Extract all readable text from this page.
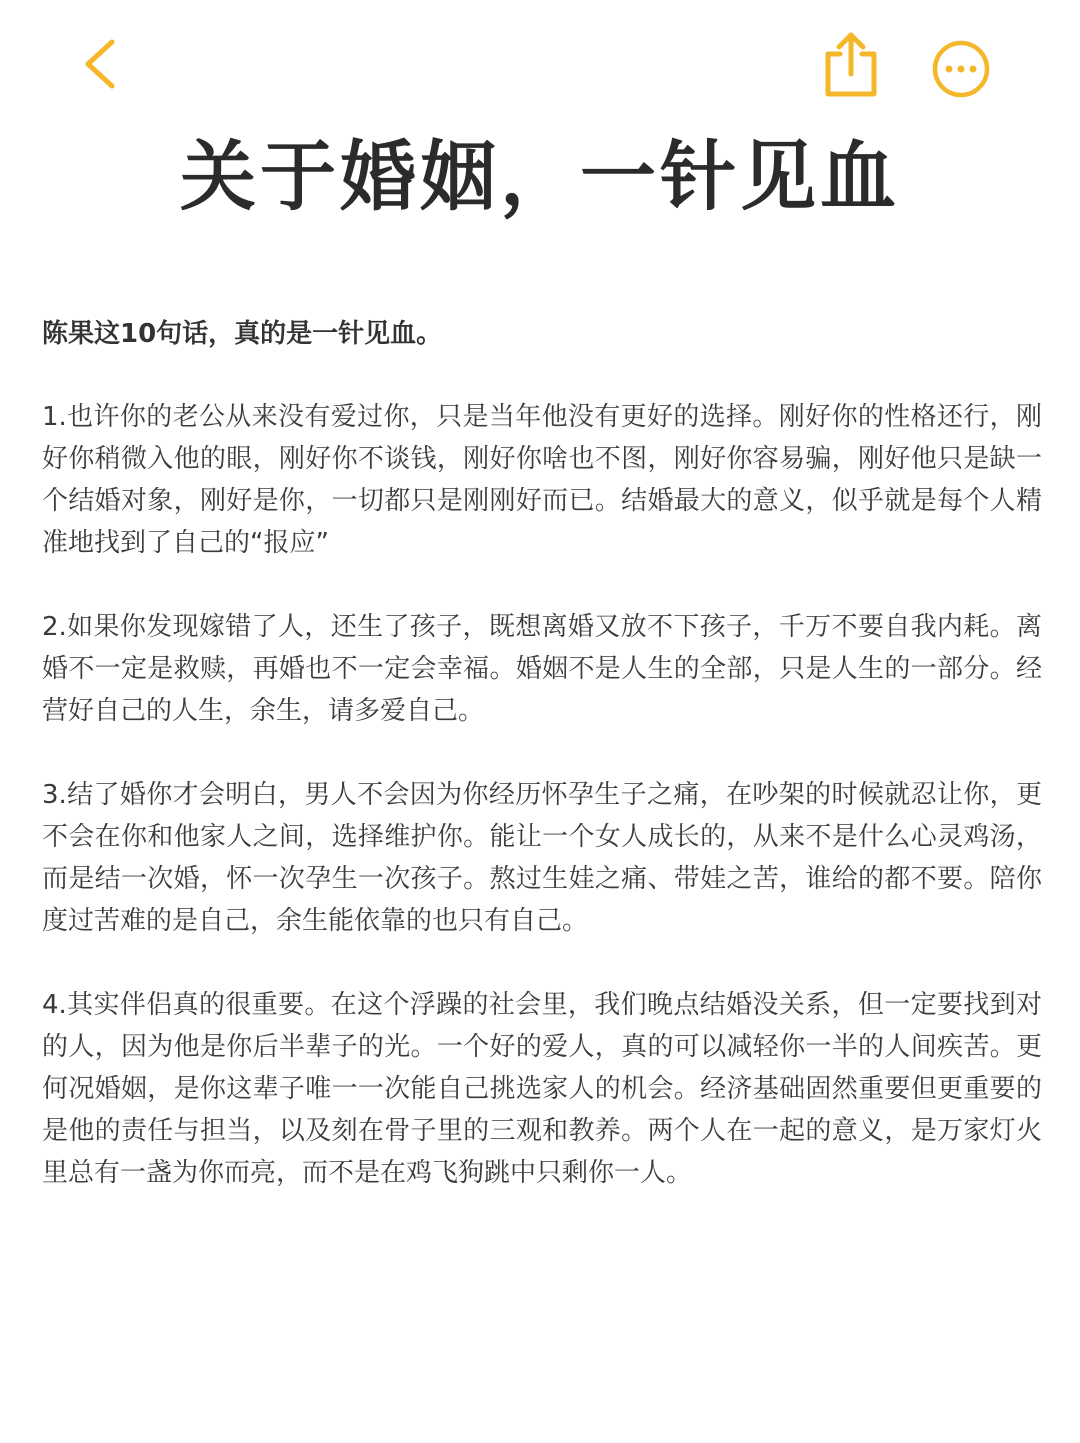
关于婚姻，一针见血

陈果这10句话，真的是一针见血。

1.也许你的老公从来没有爱过你，只是当年他没有更好的选择。刚好你的性格还行，刚好你稍微入他的眼，刚好你不谈钱，刚好你啥也不图，刚好你容易骗，刚好他只是缺一个结婚对象，刚好是你，一切都只是刚刚好而已。结婚最大的意义，似乎就是每个人精准地找到了自己的“报应”

2.如果你发现嫁错了人，还生了孩子，既想离婚又放不下孩子，千万不要自我内耗。离婚不一定是救赎，再婚也不一定会幸福。婚姻不是人生的全部，只是人生的一部分。经营好自己的人生，余生，请多爱自己。

3.结了婚你才会明白，男人不会因为你经历怀孕生子之痛，在吵架的时候就忍让你，更不会在你和他家人之间，选择维护你。能让一个女人成长的，从来不是什么心灵鸡汤，而是结一次婚，怀一次孕生一次孩子。熬过生娃之痛、带娃之苦，谁给的都不要。陪你度过苦难的是自己，余生能依靠的也只有自己。

4.其实伴侣真的很重要。在这个浮躁的社会里，我们晚点结婚没关系，但一定要找到对的人，因为他是你后半辈子的光。一个好的爱人，真的可以减轻你一半的人间疾苦。更何况婚姻，是你这辈子唯一一次能自己挑选家人的机会。经济基础固然重要但更重要的是他的责任与担当，以及刻在骨子里的三观和教养。两个人在一起的意义，是万家灯火里总有一盏为你而亮，而不是在鸡飞狗跳中只剩你一人。
